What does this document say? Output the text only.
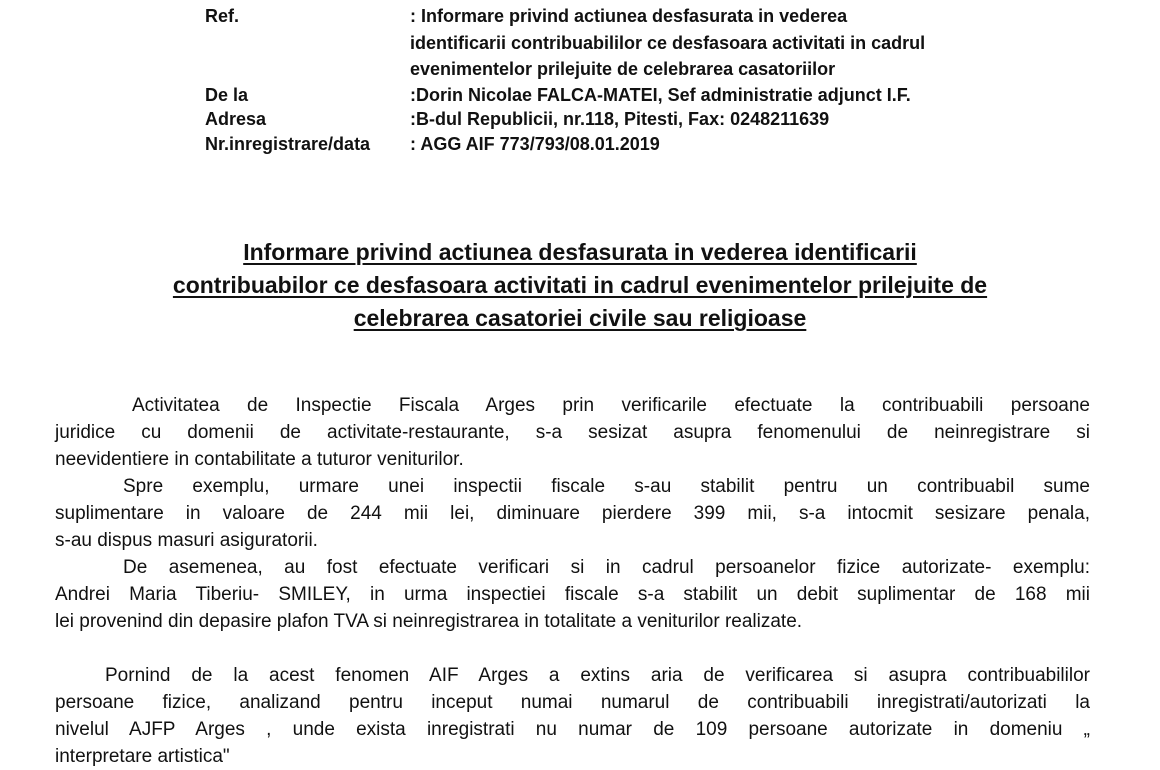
Ref.	: Informare privind actiunea desfasurata in vederea
identificarii contribuabililor ce desfasoara activitati in cadrul
evenimentelor prilejuite de celebrarea casatoriilor
De la	:Dorin Nicolae FALCA-MATEI, Sef administratie adjunct I.F.
Adresa	:B-dul Republicii, nr.118, Pitesti, Fax: 0248211639
Nr.inregistrare/data : AGG AIF 773/793/08.01.2019
Informare privind actiunea desfasurata in vederea identificarii
contribuabilor ce desfasoara activitati in cadrul evenimentelor prilejuite de
celebrarea casatoriei civile sau religioase
Activitatea de Inspectie Fiscala Arges prin verificarile efectuate la contribuabili persoane
juridice cu domenii de activitate-restaurante, s-a sesizat asupra fenomenului de neinregistrare si
neevidentiere in contabilitate a tuturor veniturilor.
Spre exemplu, urmare unei inspectii fiscale s-au stabilit pentru un contribuabil sume
suplimentare in valoare de 244 mii lei, diminuare pierdere 399 mii, s-a intocmit sesizare penala,
s-au dispus masuri asiguratorii.
De asemenea, au fost efectuate verificari si in cadrul persoanelor fizice autorizate- exemplu:
Andrei Maria Tiberiu- SMILEY, in urma inspectiei fiscale s-a stabilit un debit suplimentar de 168 mii
lei provenind din depasire plafon TVA si neinregistrarea in totalitate a veniturilor realizate.
Pornind de la acest fenomen AIF Arges a extins aria de verificarea si asupra contribuabililor
persoane fizice, analizand pentru inceput numai numarul de contribuabili inregistrati/autorizati la
nivelul AJFP Arges , unde exista inregistrati nu numar de 109 persoane autorizate in domeniu „
interpretare artistica"
